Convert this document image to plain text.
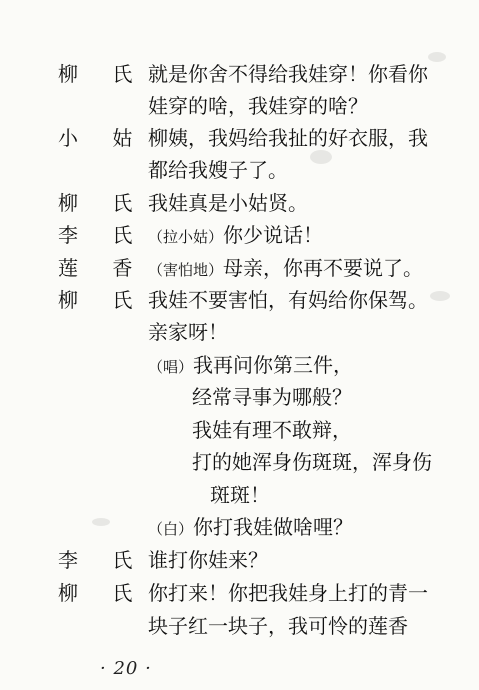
柳 氏 就是你舍不得给我娃穿！你看你
娃穿的啥，我娃穿的啥？
小 姑 柳姨，我妈给我扯的好衣服，我
都给我嫂子了。
柳 氏 我娃真是小姑贤。
李 氏 （拉小姑）你少说话！
莲 香 （害怕地）母亲，你再不要说了。
柳 氏 我娃不要害怕，有妈给你保驾。
亲家呀！
（唱）我再问你第三件，
经常寻事为哪般？
我娃有理不敢辩，
打的她浑身伤斑斑，浑身伤
斑斑！
（白）你打我娃做啥哩？
李 氏 谁打你娃来？
柳 氏 你打来！你把我娃身上打的青一
块子红一块子，我可怜的莲香
· 20 ·
